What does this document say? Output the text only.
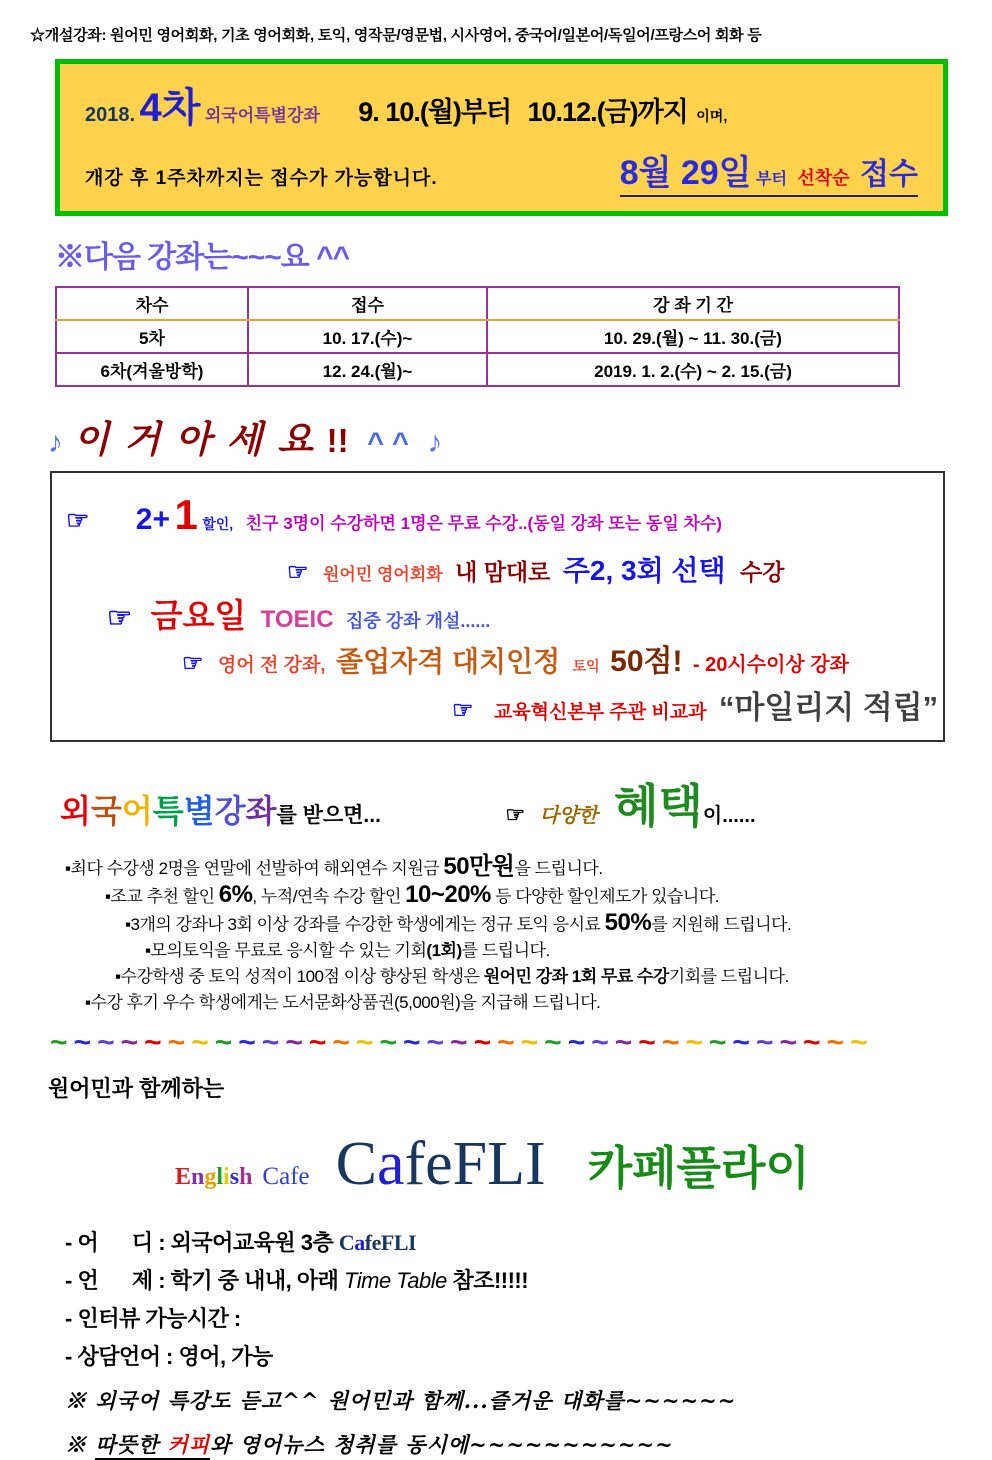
☆개설강좌: 원어민 영어회화, 기초 영어회화, 토익, 영작문/영문법, 시사영어, 중국어/일본어/독일어/프랑스어 회화 등
2018. 4차 외국어특별강좌 9. 10.(월)부터 10.12.(금)까지 이며,
개강 후 1주차까지는 접수가 가능합니다.	8월 29일 부터 선착순 접수
※다음 강좌는~~~요 ^^
차수	접수	강 좌 기 간
5차	10. 17.(수)~	10. 29.(월) ~ 11. 30.(금)
6차(겨울방학)	12. 24.(월)~	2019. 1. 2.(수) ~ 2. 15.(금)
♪ 이 거 아 세 요 !! ^ ^ ♪
☞ 2+ 1 할인, 친구 3명이 수강하면 1명은 무료 수강..(동일 강좌 또는 동일 차수)
☞ 원어민 영어회화 내 맘대로 주2, 3회 선택 수강
☞ 금요일 TOEIC 집중 강좌 개설......
☞ 영어 전 강좌, 졸업자격 대치인정 토익 50점! - 20시수이상 강좌
☞ 교육혁신본부 주관 비교과 “마일리지 적립”
외국어특별강좌를 받으면...	☞ 다양한 혜택이......
▪최다 수강생 2명을 연말에 선발하여 해외연수 지원금 50만원을 드립니다.
▪조교 추천 할인 6%, 누적/연속 수강 할인 10~20% 등 다양한 할인제도가 있습니다.
▪3개의 강좌나 3회 이상 강좌를 수강한 학생에게는 정규 토익 응시료 50%를 지원해 드립니다.
▪모의토익을 무료로 응시할 수 있는 기회(1회)를 드립니다.
▪수강학생 중 토익 성적이 100점 이상 향상된 학생은 원어민 강좌 1회 무료 수강기회를 드립니다.
▪수강 후기 우수 학생에게는 도서문화상품권(5,000원)을 지급해 드립니다.
~~~~~~~~~~~~~~~~~~~~~~~~~~~~~~~~~~~
원어민과 함께하는
English Cafe CafeFLI 카페플라이
- 어      디 : 외국어교육원 3층 CafeFLI
- 언      제 : 학기 중 내내, 아래 Time Table 참조!!!!!
- 인터뷰 가능시간 :
- 상담언어 : 영어, 가능
※ 외국어 특강도 듣고^^ 원어민과 함께...즐거운 대화를~~~~~~
※ 따뜻한 커피와 영어뉴스 청취를 동시에~~~~~~~~~~~
